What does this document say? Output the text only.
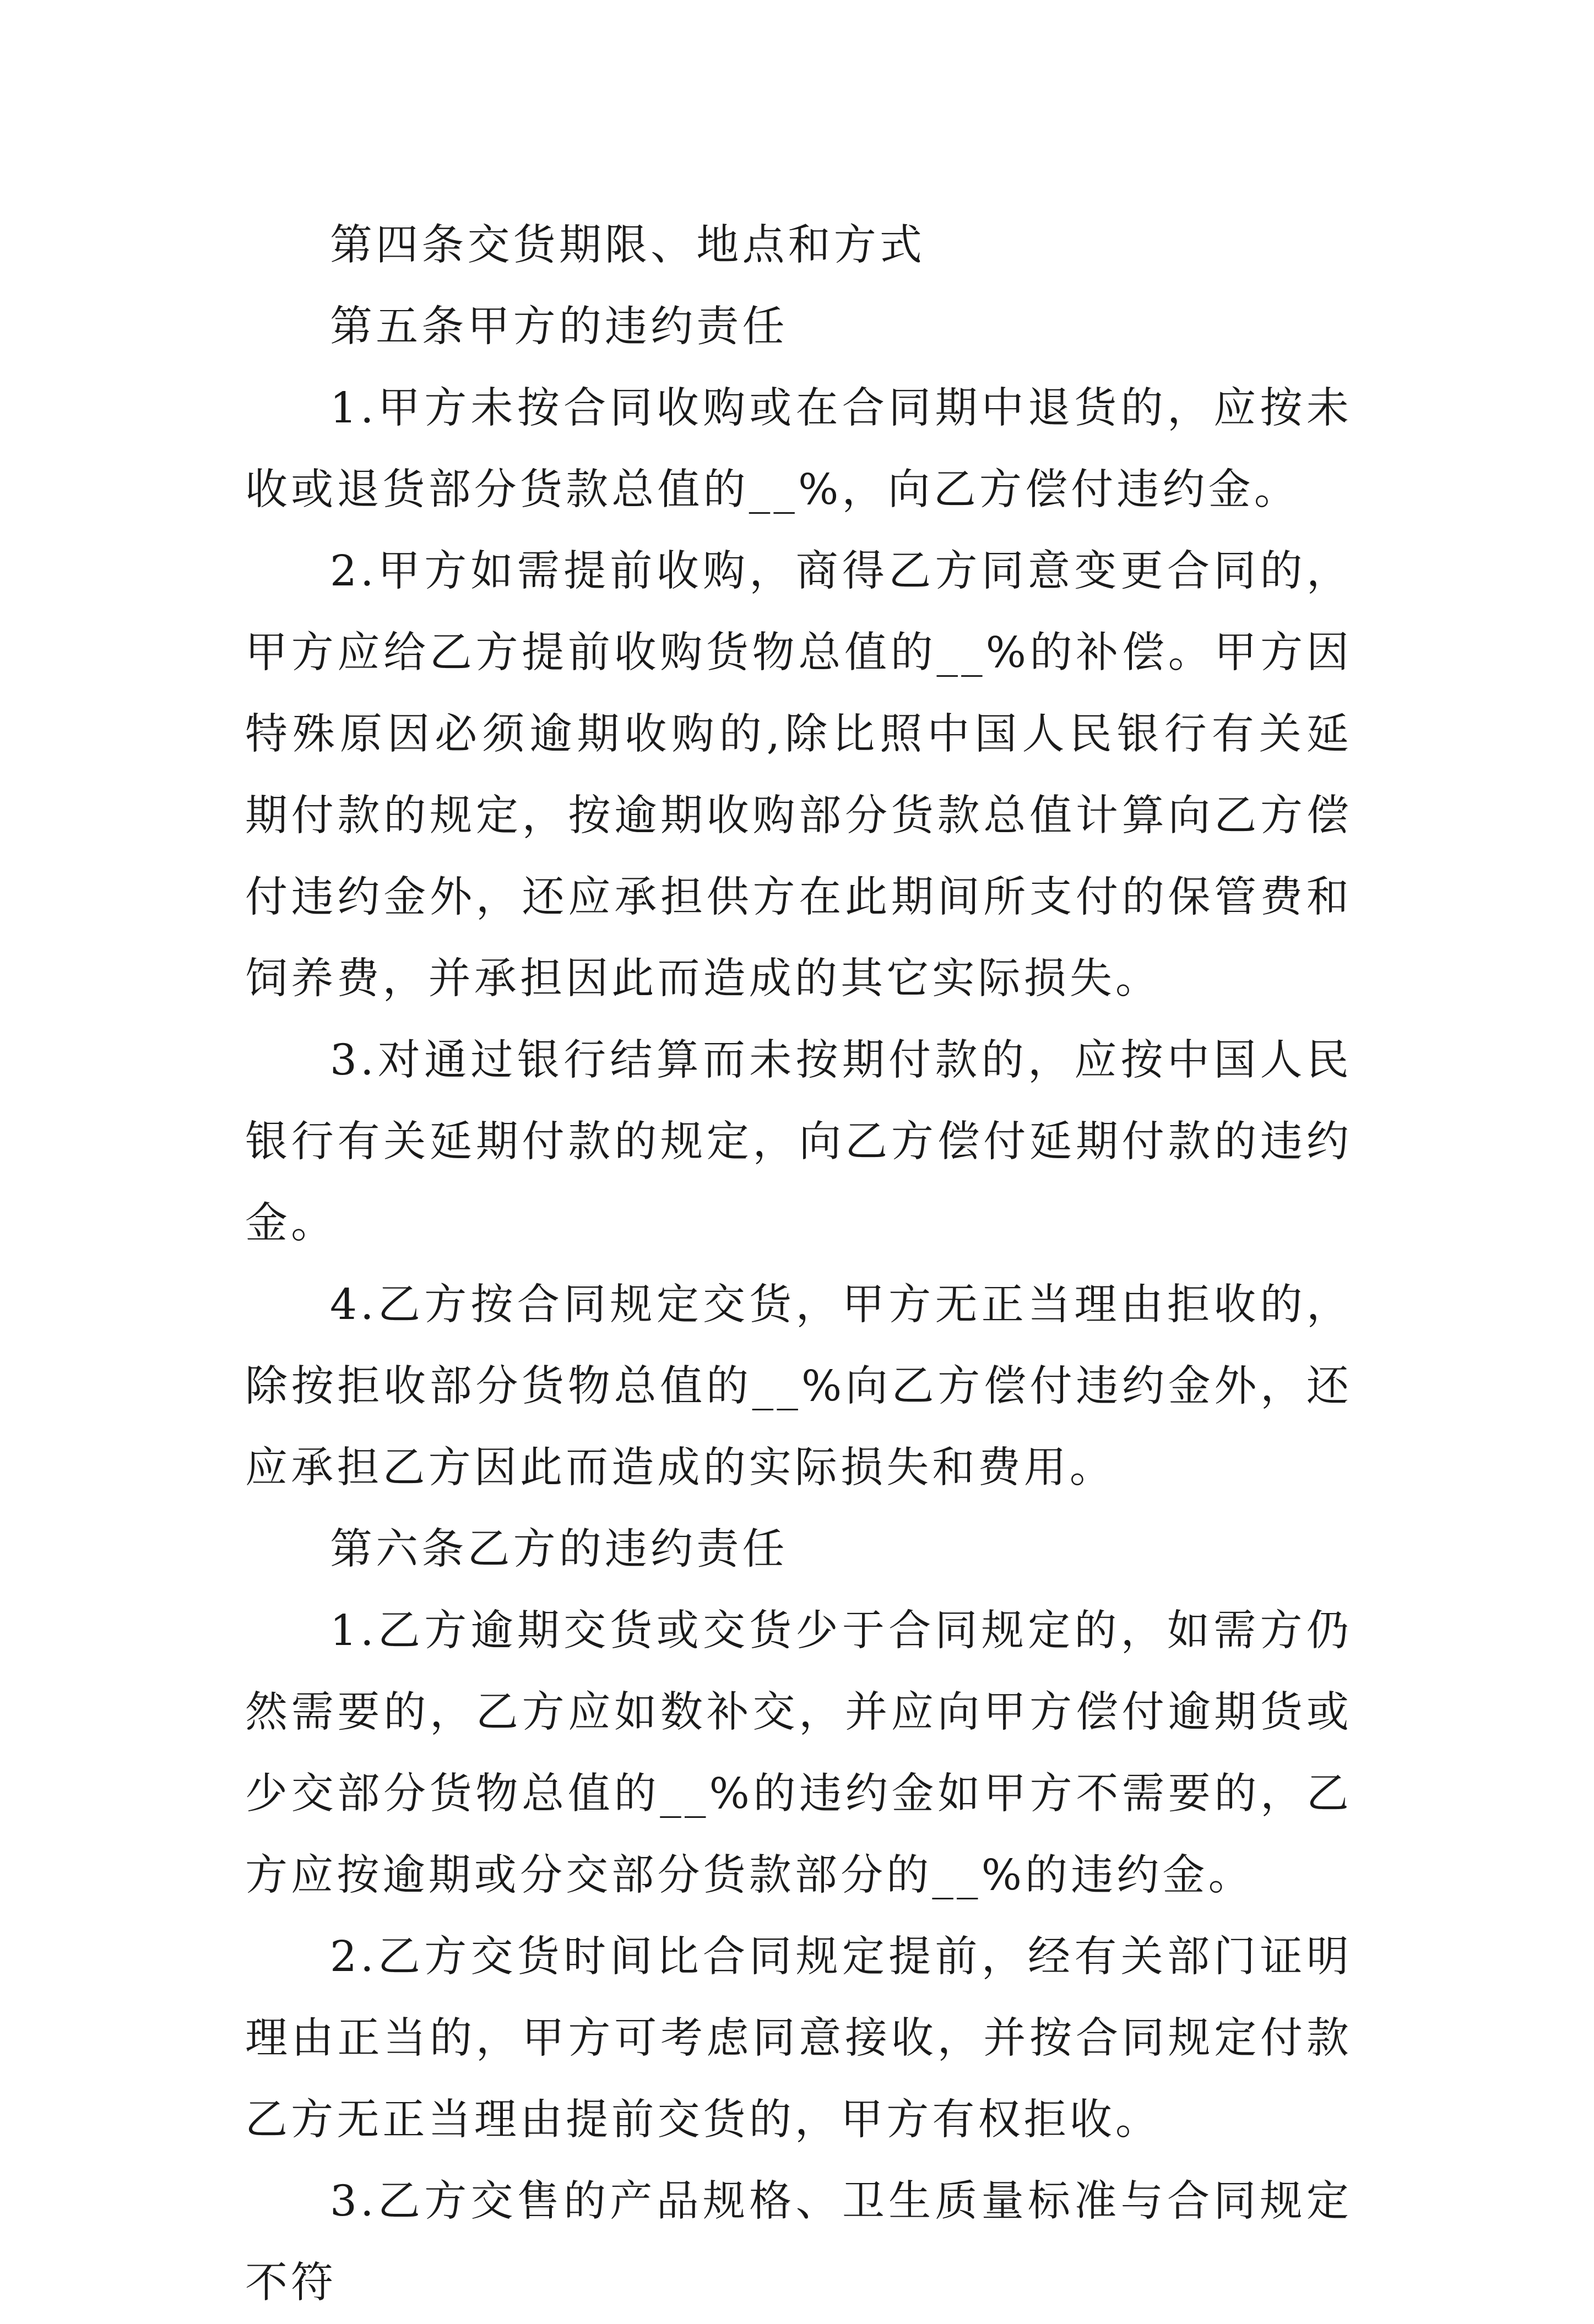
第四条交货期限、地点和方式

第五条甲方的违约责任

1.甲方未按合同收购或在合同期中退货的，应按未收或退货部分货款总值的__%，向乙方偿付违约金。

2.甲方如需提前收购，商得乙方同意变更合同的，甲方应给乙方提前收购货物总值的__%的补偿。甲方因特殊原因必须逾期收购的,除比照中国人民银行有关延期付款的规定，按逾期收购部分货款总值计算向乙方偿付违约金外，还应承担供方在此期间所支付的保管费和饲养费，并承担因此而造成的其它实际损失。

3.对通过银行结算而未按期付款的，应按中国人民银行有关延期付款的规定，向乙方偿付延期付款的违约金。

4.乙方按合同规定交货，甲方无正当理由拒收的，除按拒收部分货物总值的__%向乙方偿付违约金外，还应承担乙方因此而造成的实际损失和费用。

第六条乙方的违约责任

1.乙方逾期交货或交货少于合同规定的，如需方仍然需要的，乙方应如数补交，并应向甲方偿付逾期货或少交部分货物总值的__%的违约金如甲方不需要的，乙方应按逾期或分交部分货款部分的__%的违约金。

2.乙方交货时间比合同规定提前，经有关部门证明理由正当的，甲方可考虑同意接收，并按合同规定付款乙方无正当理由提前交货的，甲方有权拒收。

3.乙方交售的产品规格、卫生质量标准与合同规定不符
